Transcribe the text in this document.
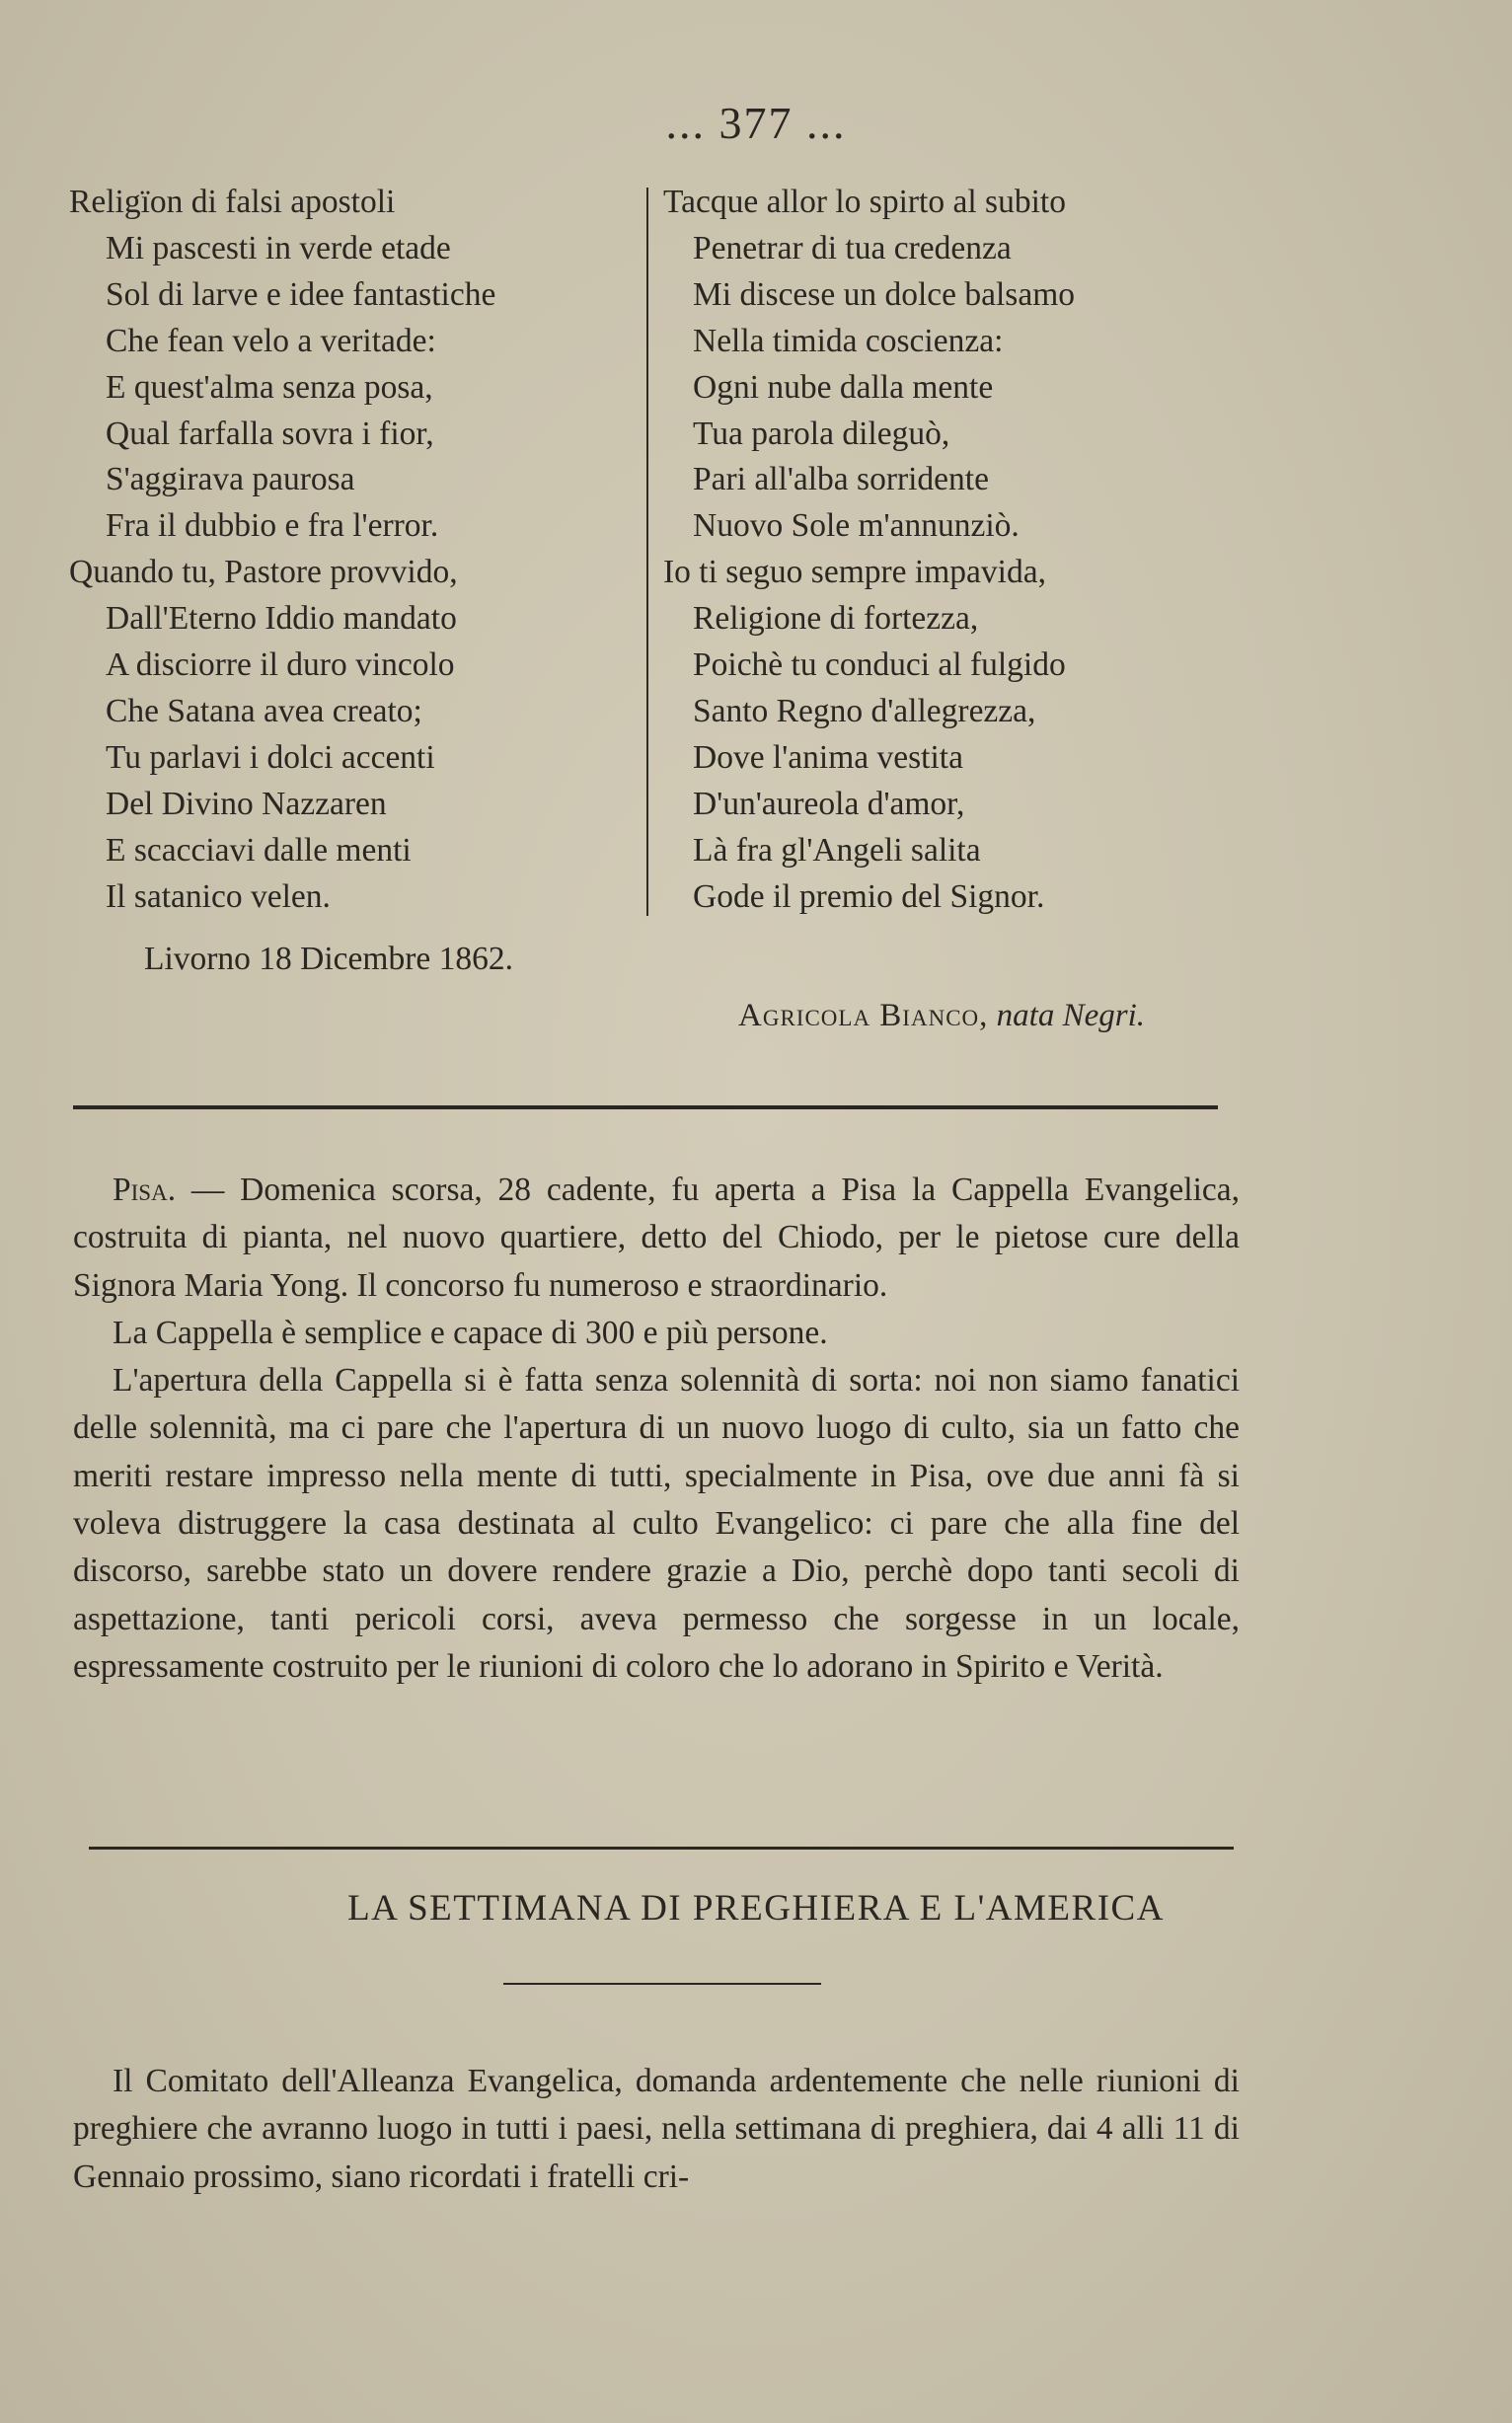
... 377 ...
Religïon di falsi apostoli
Mi pascesti in verde etade
Sol di larve e idee fantastiche
Che fean velo a veritade:
E quest'alma senza posa,
Qual farfalla sovra i fior,
S'aggirava paurosa
Fra il dubbio e fra l'error.
Quando tu, Pastore provvido,
Dall'Eterno Iddio mandato
A disciorre il duro vincolo
Che Satana avea creato;
Tu parlavi i dolci accenti
Del Divino Nazzaren
E scacciavi dalle menti
Il satanico velen.
Tacque allor lo spirto al subito
Penetrar di tua credenza
Mi discese un dolce balsamo
Nella timida coscienza:
Ogni nube dalla mente
Tua parola dileguò,
Pari all'alba sorridente
Nuovo Sole m'annunziò.
Io ti seguo sempre impavida,
Religione di fortezza,
Poichè tu conduci al fulgido
Santo Regno d'allegrezza,
Dove l'anima vestita
D'un'aureola d'amor,
Là fra gl'Angeli salita
Gode il premio del Signor.
Livorno 18 Dicembre 1862.
Agricola Bianco, nata Negri.

Pisa. — Domenica scorsa, 28 cadente, fu aperta a Pisa la Cappella Evangelica, costruita di pianta, nel nuovo quartiere, detto del Chiodo, per le pietose cure della Signora Maria Yong. Il concorso fu numeroso e straordinario.

La Cappella è semplice e capace di 300 e più persone.

L'apertura della Cappella si è fatta senza solennità di sorta: noi non siamo fanatici delle solennità, ma ci pare che l'apertura di un nuovo luogo di culto, sia un fatto che meriti restare impresso nella mente di tutti, specialmente in Pisa, ove due anni fà si voleva distruggere la casa destinata al culto Evangelico: ci pare che alla fine del discorso, sarebbe stato un dovere rendere grazie a Dio, perchè dopo tanti secoli di aspettazione, tanti pericoli corsi, aveva permesso che sorgesse in un locale, espressamente costruito per le riunioni di coloro che lo adorano in Spirito e Verità.

LA SETTIMANA DI PREGHIERA E L'AMERICA

Il Comitato dell'Alleanza Evangelica, domanda ardentemente che nelle riunioni di preghiere che avranno luogo in tutti i paesi, nella settimana di preghiera, dai 4 alli 11 di Gennaio prossimo, siano ricordati i fratelli cri-
